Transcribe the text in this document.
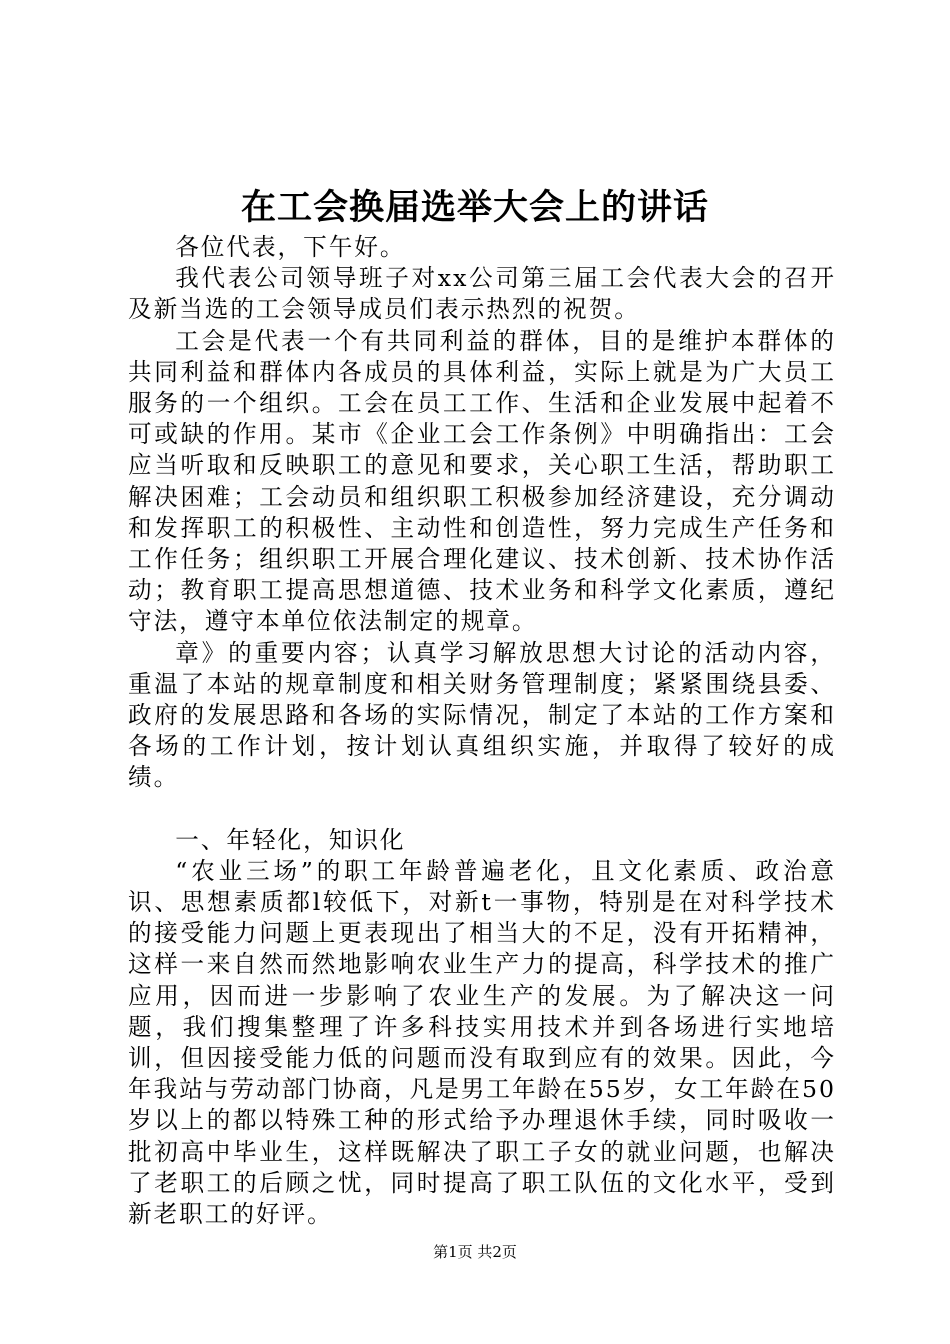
在工会换届选举大会上的讲话

各位代表，下午好。

我代表公司领导班子对xx公司第三届工会代表大会的召开及新当选的工会领导成员们表示热烈的祝贺。

工会是代表一个有共同利益的群体，目的是维护本群体的共同利益和群体内各成员的具体利益，实际上就是为广大员工服务的一个组织。工会在员工工作、生活和企业发展中起着不可或缺的作用。某市《企业工会工作条例》中明确指出：工会应当听取和反映职工的意见和要求，关心职工生活，帮助职工解决困难；工会动员和组织职工积极参加经济建设，充分调动和发挥职工的积极性、主动性和创造性，努力完成生产任务和工作任务；组织职工开展合理化建议、技术创新、技术协作活动；教育职工提高思想道德、技术业务和科学文化素质，遵纪守法，遵守本单位依法制定的规章。

章》的重要内容；认真学习解放思想大讨论的活动内容，重温了本站的规章制度和相关财务管理制度；紧紧围绕县委、政府的发展思路和各场的实际情况，制定了本站的工作方案和各场的工作计划，按计划认真组织实施，并取得了较好的成绩。

一、年轻化，知识化

“农业三场”的职工年龄普遍老化，且文化素质、政治意识、思想素质都l较低下，对新t一事物，特别是在对科学技术的接受能力问题上更表现出了相当大的不足，没有开拓精神，这样一来自然而然地影响农业生产力的提高，科学技术的推广应用，因而进一步影响了农业生产的发展。为了解决这一问题，我们搜集整理了许多科技实用技术并到各场进行实地培训，但因接受能力低的问题而没有取到应有的效果。因此，今年我站与劳动部门协商，凡是男工年龄在55岁，女工年龄在50岁以上的都以特殊工种的形式给予办理退休手续，同时吸收一批初高中毕业生，这样既解决了职工子女的就业问题，也解决了老职工的后顾之忧，同时提高了职工队伍的文化水平，受到新老职工的好评。

第1页 共2页
